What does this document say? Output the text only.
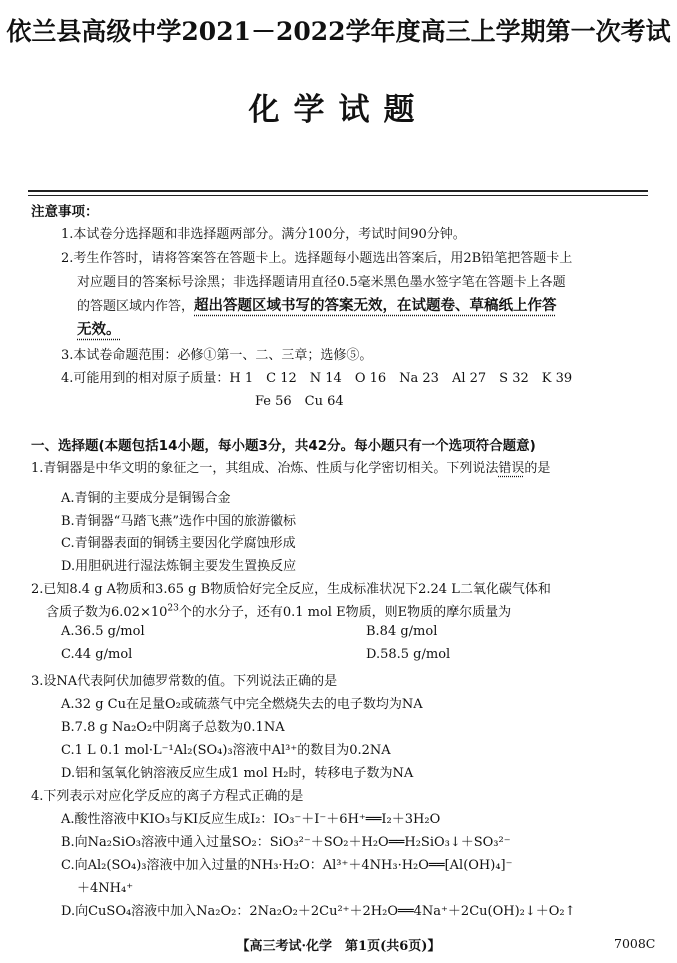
依兰县高级中学2021－2022学年度高三上学期第一次考试
化学试题
注意事项：
1.本试卷分选择题和非选择题两部分。满分100分，考试时间90分钟。
2.考生作答时，请将答案答在答题卡上。选择题每小题选出答案后，用2B铅笔把答题卡上
对应题目的答案标号涂黑；非选择题请用直径0.5毫米黑色墨水签字笔在答题卡上各题
的答题区域内作答，超出答题区域书写的答案无效，在试题卷、草稿纸上作答
无效。
3.本试卷命题范围：必修①第一、二、三章；选修⑤。
4.可能用到的相对原子质量：H 1　C 12　N 14　O 16　Na 23　Al 27　S 32　K 39
Fe 56　Cu 64
一、选择题(本题包括14小题，每小题3分，共42分。每小题只有一个选项符合题意)
1.青铜器是中华文明的象征之一，其组成、冶炼、性质与化学密切相关。下列说法错误的是
A.青铜的主要成分是铜锡合金
B.青铜器“马踏飞燕”选作中国的旅游徽标
C.青铜器表面的铜锈主要因化学腐蚀形成
D.用胆矾进行湿法炼铜主要发生置换反应
2.已知8.4 g A物质和3.65 g B物质恰好完全反应，生成标准状况下2.24 L二氧化碳气体和
含质子数为$6.02\times 10^{23}$个的水分子，还有0.1 mol E物质，则E物质的摩尔质量为
A.36.5 g/mol	B.84 g/mol
C.44 g/mol	D.58.5 g/mol
3.设NA代表阿伏加德罗常数的值。下列说法正确的是
A.32 g Cu在足量O₂或硫蒸气中完全燃烧失去的电子数均为NA
B.7.8 g Na₂O₂中阴离子总数为0.1NA
C.1 L 0.1 mol·L⁻¹Al₂(SO₄)₃溶液中Al³⁺的数目为0.2NA
D.铝和氢氧化钠溶液反应生成1 mol H₂时，转移电子数为NA
4.下列表示对应化学反应的离子方程式正确的是
A.酸性溶液中KIO₃与KI反应生成I₂：IO₃⁻＋I⁻＋6H⁺══I₂＋3H₂O
B.向Na₂SiO₃溶液中通入过量SO₂：SiO₃²⁻＋SO₂＋H₂O══H₂SiO₃↓＋SO₃²⁻
C.向Al₂(SO₄)₃溶液中加入过量的NH₃·H₂O：Al³⁺＋4NH₃·H₂O══[Al(OH)₄]⁻
＋4NH₄⁺
D.向CuSO₄溶液中加入Na₂O₂：2Na₂O₂＋2Cu²⁺＋2H₂O══4Na⁺＋2Cu(OH)₂↓＋O₂↑
【高三考试·化学　第1页(共6页)】	7008C
